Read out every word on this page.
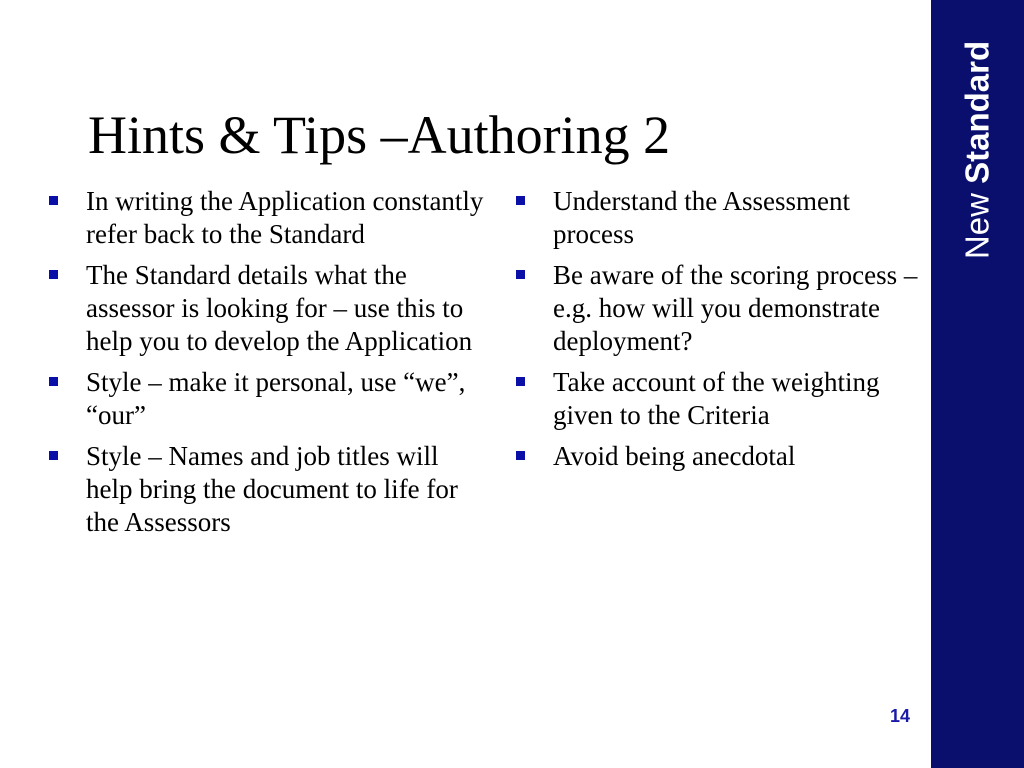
New Standard
Hints & Tips –Authoring 2
In writing the Application constantly refer back to the Standard
The Standard details what the assessor is looking for – use this to help you to develop the Application
Style – make it personal, use “we”, “our”
Style – Names and job titles will help bring the document to life for the Assessors
Understand the Assessment process
Be aware of the scoring process – e.g. how will you demonstrate deployment?
Take account of the weighting given to the Criteria
Avoid being anecdotal
14
